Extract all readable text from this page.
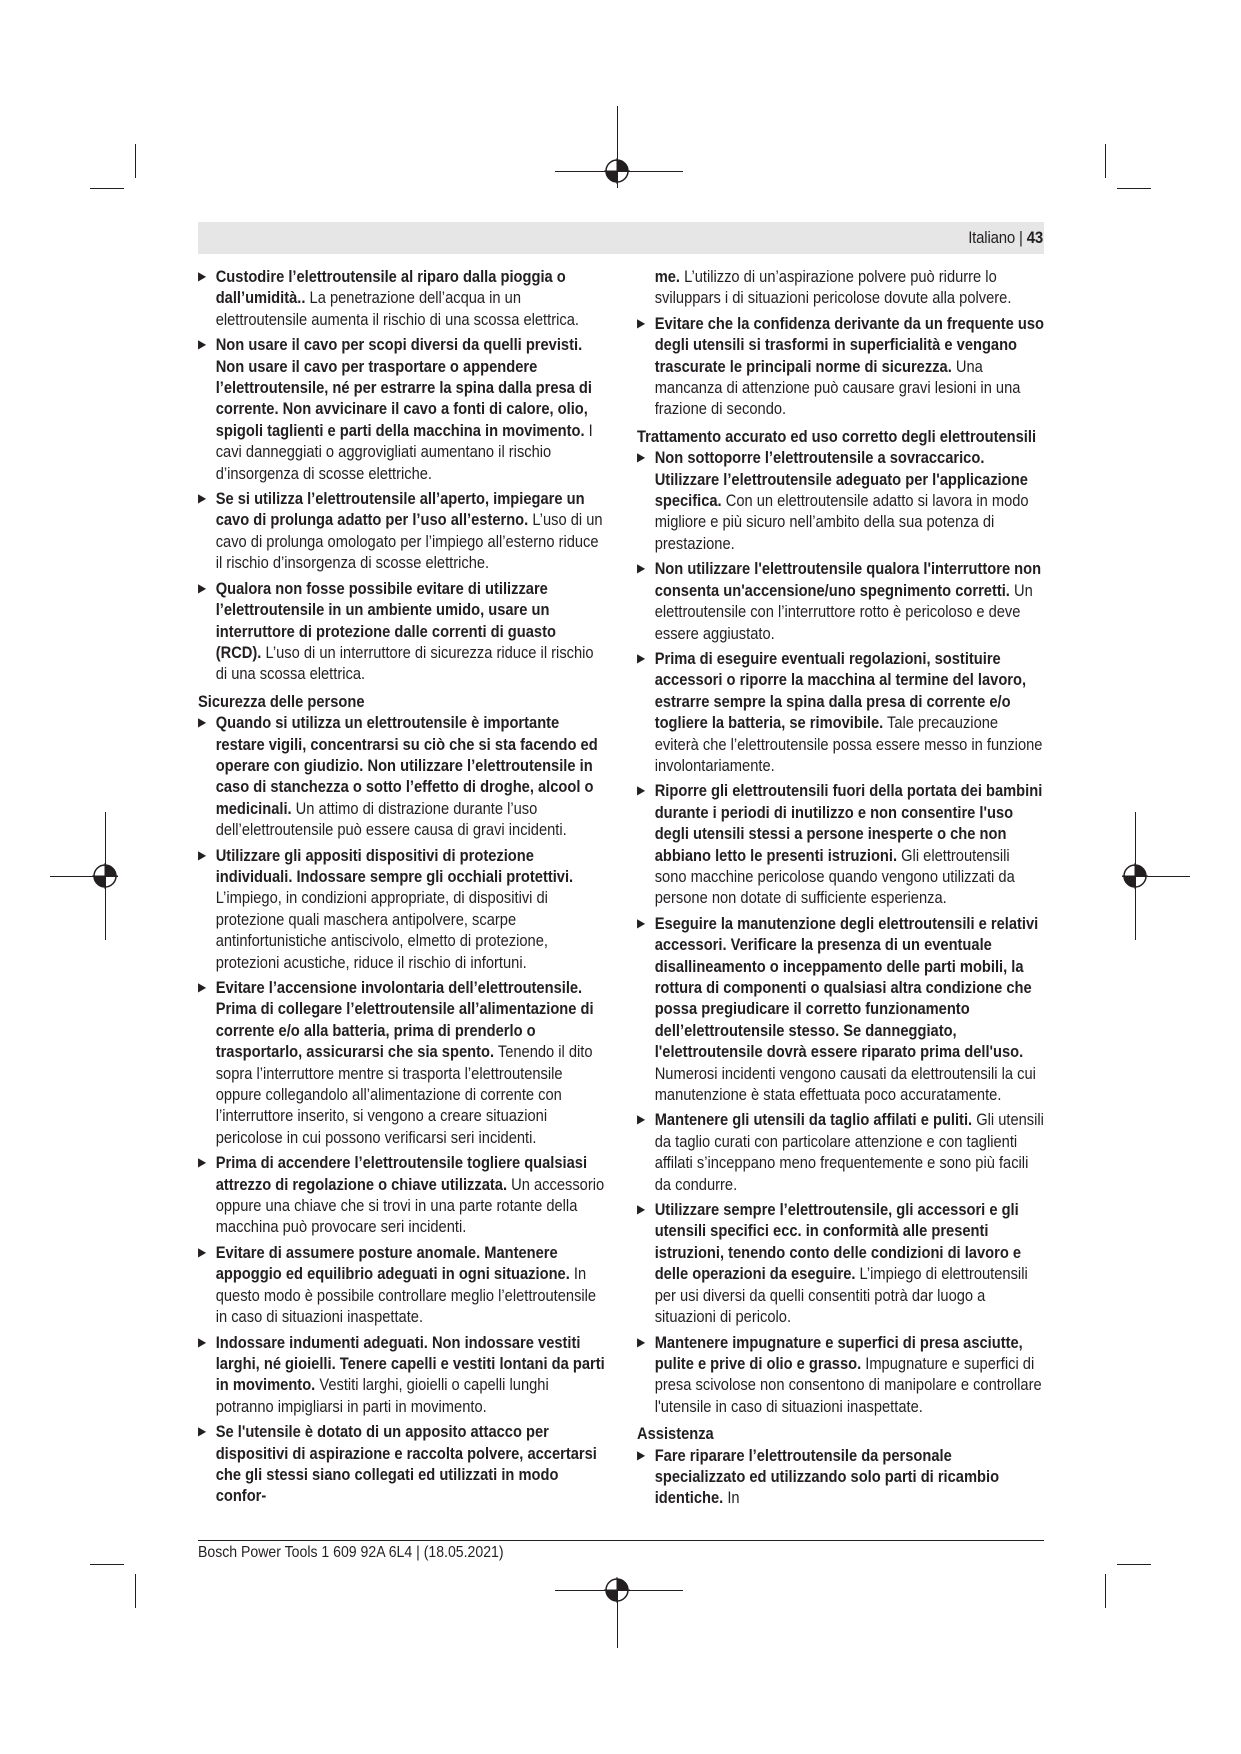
Italiano | 43
▶ Custodire l’elettroutensile al riparo dalla pioggia o dall’umidità.. La penetrazione dell’acqua in un elettroutensile aumenta il rischio di una scossa elettrica.
▶ Non usare il cavo per scopi diversi da quelli previsti. Non usare il cavo per trasportare o appendere l’elettroutensile, né per estrarre la spina dalla presa di corrente. Non avvicinare il cavo a fonti di calore, olio, spigoli taglienti e parti della macchina in movimento. I cavi danneggiati o aggrovigliati aumentano il rischio d’insorgenza di scosse elettriche.
▶ Se si utilizza l’elettroutensile all’aperto, impiegare un cavo di prolunga adatto per l’uso all’esterno. L’uso di un cavo di prolunga omologato per l’impiego all’esterno riduce il rischio d’insorgenza di scosse elettriche.
▶ Qualora non fosse possibile evitare di utilizzare l’elettroutensile in un ambiente umido, usare un interruttore di protezione dalle correnti di guasto (RCD). L’uso di un interruttore di sicurezza riduce il rischio di una scossa elettrica.
Sicurezza delle persone
▶ Quando si utilizza un elettroutensile è importante restare vigili, concentrarsi su ciò che si sta facendo ed operare con giudizio. Non utilizzare l’elettroutensile in caso di stanchezza o sotto l’effetto di droghe, alcool o medicinali. Un attimo di distrazione durante l’uso dell’elettroutensile può essere causa di gravi incidenti.
▶ Utilizzare gli appositi dispositivi di protezione individuali. Indossare sempre gli occhiali protettivi. L’impiego, in condizioni appropriate, di dispositivi di protezione quali maschera antipolvere, scarpe antinfortunistiche antiscivolo, elmetto di protezione, protezioni acustiche, riduce il rischio di infortuni.
▶ Evitare l’accensione involontaria dell’elettroutensile. Prima di collegare l’elettroutensile all’alimentazione di corrente e/o alla batteria, prima di prenderlo o trasportarlo, assicurarsi che sia spento. Tenendo il dito sopra l’interruttore mentre si trasporta l’elettroutensile oppure collegandolo all’alimentazione di corrente con l’interruttore inserito, si vengono a creare situazioni pericolose in cui possono verificarsi seri incidenti.
▶ Prima di accendere l’elettroutensile togliere qualsiasi attrezzo di regolazione o chiave utilizzata. Un accessorio oppure una chiave che si trovi in una parte rotante della macchina può provocare seri incidenti.
▶ Evitare di assumere posture anomale. Mantenere appoggio ed equilibrio adeguati in ogni situazione. In questo modo è possibile controllare meglio l’elettroutensile in caso di situazioni inaspettate.
▶ Indossare indumenti adeguati. Non indossare vestiti larghi, né gioielli. Tenere capelli e vestiti lontani da parti in movimento. Vestiti larghi, gioielli o capelli lunghi potranno impigliarsi in parti in movimento.
▶ Se l'utensile è dotato di un apposito attacco per dispositivi di aspirazione e raccolta polvere, accertarsi che gli stessi siano collegati ed utilizzati in modo confor-
me. L’utilizzo di un’aspirazione polvere può ridurre lo sviluppars i di situazioni pericolose dovute alla polvere.
▶ Evitare che la confidenza derivante da un frequente uso degli utensili si trasformi in superficialità e vengano trascurate le principali norme di sicurezza. Una mancanza di attenzione può causare gravi lesioni in una frazione di secondo.
Trattamento accurato ed uso corretto degli elettroutensili
▶ Non sottoporre l’elettroutensile a sovraccarico. Utilizzare l’elettroutensile adeguato per l'applicazione specifica. Con un elettroutensile adatto si lavora in modo migliore e più sicuro nell’ambito della sua potenza di prestazione.
▶ Non utilizzare l'elettroutensile qualora l'interruttore non consenta un'accensione/uno spegnimento corretti. Un elettroutensile con l’interruttore rotto è pericoloso e deve essere aggiustato.
▶ Prima di eseguire eventuali regolazioni, sostituire accessori o riporre la macchina al termine del lavoro, estrarre sempre la spina dalla presa di corrente e/o togliere la batteria, se rimovibile. Tale precauzione eviterà che l’elettroutensile possa essere messo in funzione involontariamente.
▶ Riporre gli elettroutensili fuori della portata dei bambini durante i periodi di inutilizzo e non consentire l'uso degli utensili stessi a persone inesperte o che non abbiano letto le presenti istruzioni. Gli elettroutensili sono macchine pericolose quando vengono utilizzati da persone non dotate di sufficiente esperienza.
▶ Eseguire la manutenzione degli elettroutensili e relativi accessori. Verificare la presenza di un eventuale disallineamento o inceppamento delle parti mobili, la rottura di componenti o qualsiasi altra condizione che possa pregiudicare il corretto funzionamento dell’elettroutensile stesso. Se danneggiato, l'elettroutensile dovrà essere riparato prima dell'uso. Numerosi incidenti vengono causati da elettroutensili la cui manutenzione è stata effettuata poco accuratamente.
▶ Mantenere gli utensili da taglio affilati e puliti. Gli utensili da taglio curati con particolare attenzione e con taglienti affilati s’inceppano meno frequentemente e sono più facili da condurre.
▶ Utilizzare sempre l’elettroutensile, gli accessori e gli utensili specifici ecc. in conformità alle presenti istruzioni, tenendo conto delle condizioni di lavoro e delle operazioni da eseguire. L’impiego di elettroutensili per usi diversi da quelli consentiti potrà dar luogo a situazioni di pericolo.
▶ Mantenere impugnature e superfici di presa asciutte, pulite e prive di olio e grasso. Impugnature e superfici di presa scivolose non consentono di manipolare e controllare l'utensile in caso di situazioni inaspettate.
Assistenza
▶ Fare riparare l’elettroutensile da personale specializzato ed utilizzando solo parti di ricambio identiche. In
Bosch Power Tools 1 609 92A 6L4 | (18.05.2021)
